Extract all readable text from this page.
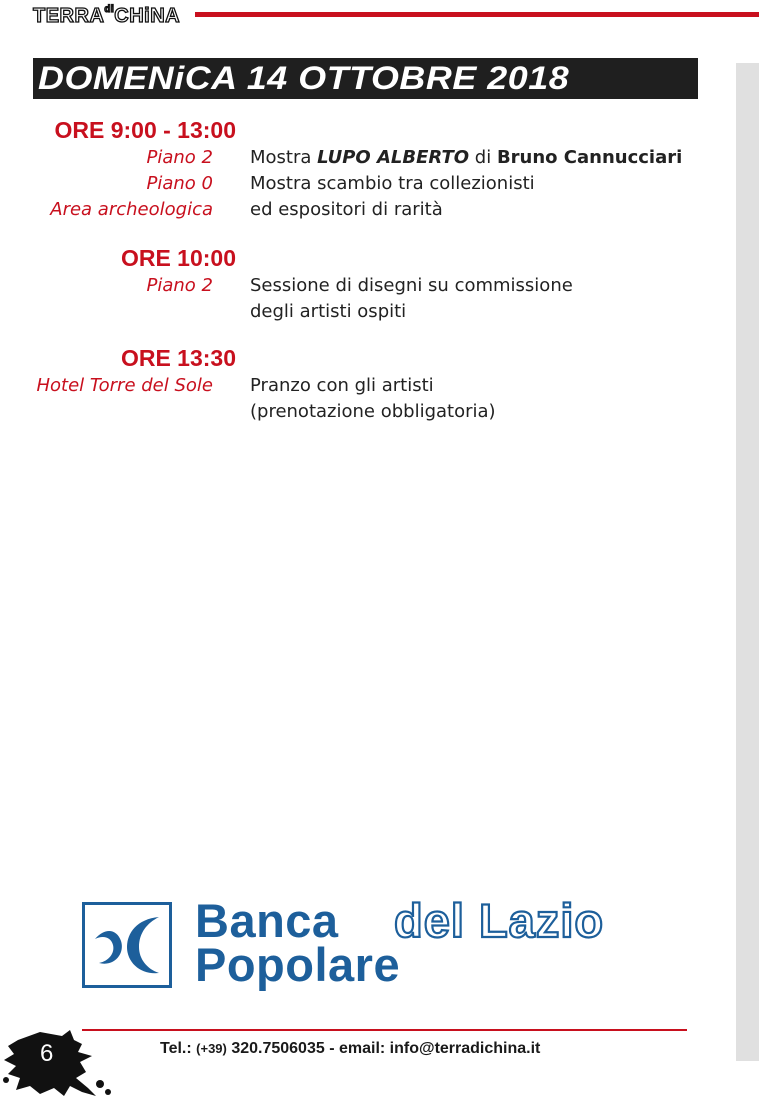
$TERRA^{di}CHiNA$
DOMENiCA 14 OTTOBRE 2018
ORE 9:00 - 13:00
Piano 2 Mostra LUPO ALBERTO di Bruno Cannucciari
Piano 0 Mostra scambio tra collezionisti
Area archeologica ed espositori di rarità
ORE 10:00
Piano 2 Sessione di disegni su commissione
degli artisti ospiti
ORE 13:30
Hotel Torre del Sole Pranzo con gli artisti
(prenotazione obbligatoria)
Banca del Lazio
Popolare
6	Tel.: (+39) 320.7506035 - email: info@terradichina.it
